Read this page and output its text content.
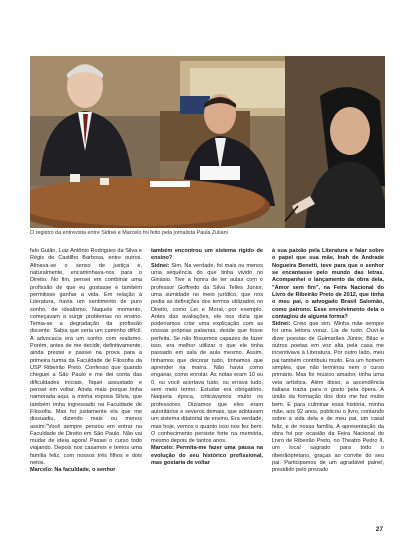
O registro da entrevista entre Sidnei e Marcelo foi feito pela jornalista Paula Zuliani

falo Guião, Luiz Antônio Rodrigues da Silva e Régis de Castilho Barbosa, entre outros. Afinava-se o senso de justiça e, naturalmente, encaminhava-nos para o Direito. No fim, pensei em combinar uma profissão de que eu gostasse e também permitisse ganhar a vida. Em relação à Literatura, havia um sentimento de puro sonho, de idealismo. Naquele momento, começavam a surgir problemas no ensino. Temia-se a degradação da profissão docente. Sabia que seria um caminho difícil. A advocacia era um sonho com realismo. Porém, antes de me decidir, definitivamente, ainda prestei e passei na prova para a primeira turma da Faculdade de Filosofia da USP Ribeirão Preto. Confesso que quando cheguei a São Paulo e me dei conta das dificuldades iniciais, fiquei assustado e pensei em voltar. Ainda mais porque tinha namorada aqui, a minha esposa Sílvia, que também tinha ingressado na Faculdade de Filosofia. Mas foi justamente ela que me dissuadiu, dizendo mais ou menos assim:"Você sempre pensou em entrar na Faculdade de Direito em São Paulo. Não vai mudar de ideia agora! Passei o curso todo viajando. Depois nos casamos e temos uma família feliz, com nossos três filhos e dois netos.

Marcelo: Na faculdade, o senhor

também encontrou um sistema rígido de ensino?

Sidnei: Sim. Na verdade, foi mais ou menos uma sequência do que tinha vivido no Ginásio. Tive a honra de ter aulas com o professor Goffredo da Silva Telles Júnior, uma sumidade no meio jurídico, que nos pedia as definições dos termos utilizados no Direito, como Lei e Moral, por exemplo. Antes das avaliações, ele nos dizia que poderíamos criar uma explicação com as nossas próprias palavras, desde que fosse perfeita. Se não fôssemos capazes de fazer isso, era melhor utilizar o que ele tinha passado em sala de aula mesmo. Assim, tínhamos que decorar tudo, tínhamos que aprender na marra. Não havia como enganar, como enrolar. As notas eram 10 ou 0, ou você acertava tudo, ou errava tudo, sem meio termo. Estudar era obrigatório. Naquela época, criticávamos muito os professores. Dizíamos que eles eram autoritários e severos demais, que adotavam um sistema ditatorial de ensino. Era verdade, mas hoje, vemos o quanto isso nos fez bem. O conhecimento persiste forte na memória, mesmo depois de tantos anos.

Marcelo: Permita-me fazer uma pausa na evolução do seu histórico profissional, mas gostaria de voltar

à sua paixão pela Literatura e falar sobre o papel que sua mãe, Inah de Andrade Nogueira Benetti, teve para que o senhor se encantasse pelo mundo das letras. Acompanhei o lançamento da obra dela, "Amor sem fim", na Feira Nacional do Livro de Ribeirão Preto de 2012, que tinha o meu pai, o advogado Brasil Salomão, como patrono. Esse envolvimento dela o contagiou de alguma forma?

Sidnei: Creio que sim. Minha mãe sempre foi uma leitora voraz. Lia de tudo. Ouvi-la dizer poesias de Guimarães Júnior, Bilac e outros poetas em voz alta pela casa me incentivava à Literatura. Por outro lado, meu pai também contribuiu muito. Era um homem simples, que não terminou nem o curso primário. Mas foi músico amador, tinha uma veia artística. Além disso, a ascendência italiana trazia para o gosto pela ópera. A união da formação dos dois me fez muito bem. E para culminar essa história, minha mãe, aos 92 anos, publicou o livro, contando sobre a vida dela e de meu pai, um casal feliz, e de nossa família. A apresentação da obra foi por ocasião da Feira Nacional do Livro de Ribeirão Preto, no Theatro Pedro II, um local sagrado para todo o ribeirãopretano, graças ao convite do seu pai. Participamos de um agradável painel, presidido pelo prezado

27
